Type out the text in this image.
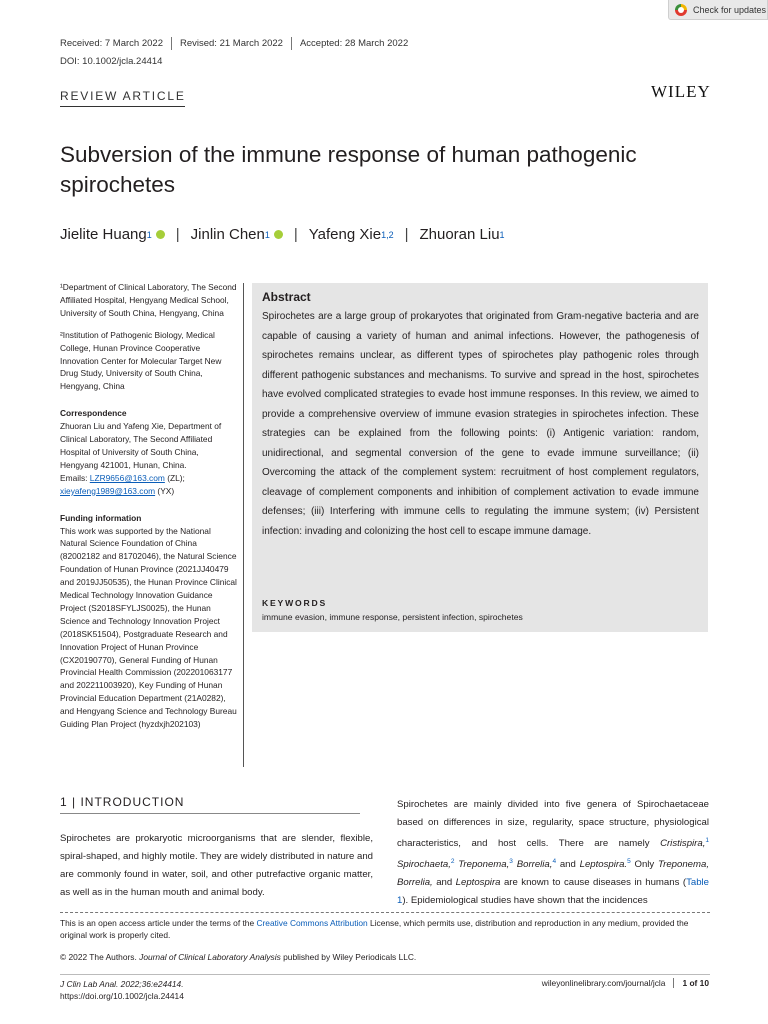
Check for updates
Received: 7 March 2022	Revised: 21 March 2022	Accepted: 28 March 2022
DOI: 10.1002/jcla.24414
REVIEW ARTICLE	WILEY
Subversion of the immune response of human pathogenic spirochetes
Jielite Huang 1 | Jinlin Chen 1 | Yafeng Xie 1,2 | Zhuoran Liu 1

¹Department of Clinical Laboratory, The Second Affiliated Hospital, Hengyang Medical School, University of South China, Hengyang, China

²Institution of Pathogenic Biology, Medical College, Hunan Province Cooperative Innovation Center for Molecular Target New Drug Study, University of South China, Hengyang, China

Correspondence

Zhuoran Liu and Yafeng Xie, Department of Clinical Laboratory, The Second Affiliated Hospital of University of South China, Hengyang 421001, Hunan, China.

Emails: LZR9656@163.com (ZL);
xieyafeng1989@163.com (YX)

Funding information

This work was supported by the National Natural Science Foundation of China (82002182 and 81702046), the Natural Science Foundation of Hunan Province (2021JJ40479 and 2019JJ50535), the Hunan Province Clinical Medical Technology Innovation Guidance Project (S2018SFYLJS0025), the Hunan Science and Technology Innovation Project (2018SK51504), Postgraduate Research and Innovation Project of Hunan Province (CX20190770), General Funding of Hunan Provincial Health Commission (202201063177 and 202211003920), Key Funding of Hunan Provincial Education Department (21A0282), and Hengyang Science and Technology Bureau Guiding Plan Project (hyzdxjh202103)

Abstract
Spirochetes are a large group of prokaryotes that originated from Gram-negative bacteria and are capable of causing a variety of human and animal infections. However, the pathogenesis of spirochetes remains unclear, as different types of spirochetes play pathogenic roles through different pathogenic substances and mechanisms. To survive and spread in the host, spirochetes have evolved complicated strategies to evade host immune responses. In this review, we aimed to provide a comprehensive overview of immune evasion strategies in spirochetes infection. These strategies can be explained from the following points: (i) Antigenic variation: random, unidirectional, and segmental conversion of the gene to evade immune surveillance; (ii) Overcoming the attack of the complement system: recruitment of host complement regulators, cleavage of complement components and inhibition of complement activation to evade immune defenses; (iii) Interfering with immune cells to regulating the immune system; (iv) Persistent infection: invading and colonizing the host cell to escape immune damage.
KEYWORDS
immune evasion, immune response, persistent infection, spirochetes
1 | INTRODUCTION
Spirochetes are prokaryotic microorganisms that are slender, flexible, spiral-shaped, and highly motile. They are widely distributed in nature and are commonly found in water, soil, and other putrefactive organic matter, as well as in the human mouth and animal body.
Spirochetes are mainly divided into five genera of Spirochaetaceae based on differences in size, regularity, space structure, physiological characteristics, and host cells. There are namely Cristispira,$^1$ Spirochaeta,$^2$ Treponema,$^3$ Borrelia,$^4$ and Leptospira.$^5$ Only Treponema, Borrelia, and Leptospira are known to cause diseases in humans (Table 1). Epidemiological studies have shown that the incidences
This is an open access article under the terms of the Creative Commons Attribution License, which permits use, distribution and reproduction in any medium, provided the original work is properly cited.
© 2022 The Authors. Journal of Clinical Laboratory Analysis published by Wiley Periodicals LLC.
J Clin Lab Anal. 2022;36:e24414.
https://doi.org/10.1002/jcla.24414
wileyonlinelibrary.com/journal/jcla	1 of 10
